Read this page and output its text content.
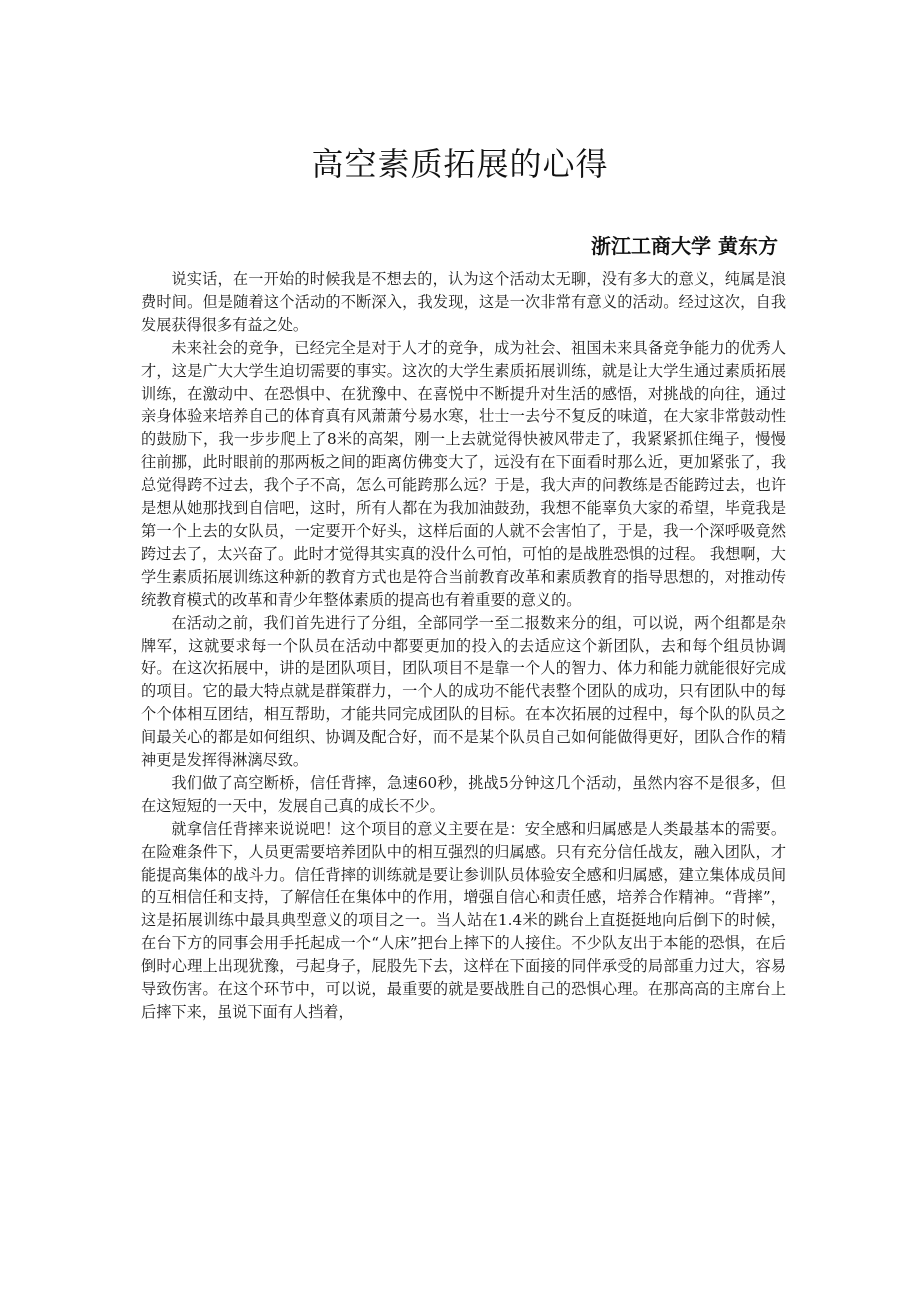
高空素质拓展的心得
浙江工商大学 黄东方

说实话，在一开始的时候我是不想去的，认为这个活动太无聊，没有多大的意义，纯属是浪费时间。但是随着这个活动的不断深入，我发现，这是一次非常有意义的活动。经过这次，自我发展获得很多有益之处。

未来社会的竞争，已经完全是对于人才的竞争，成为社会、祖国未来具备竞争能力的优秀人才，这是广大大学生迫切需要的事实。这次的大学生素质拓展训练，就是让大学生通过素质拓展训练，在激动中、在恐惧中、在犹豫中、在喜悦中不断提升对生活的感悟，对挑战的向往，通过亲身体验来培养自己的体育真有风萧萧兮易水寒，壮士一去兮不复反的味道，在大家非常鼓动性的鼓励下，我一步步爬上了8米的高架，刚一上去就觉得快被风带走了，我紧紧抓住绳子，慢慢往前挪，此时眼前的那两板之间的距离仿佛变大了，远没有在下面看时那么近，更加紧张了，我总觉得跨不过去，我个子不高，怎么可能跨那么远？于是，我大声的问教练是否能跨过去，也许是想从她那找到自信吧，这时，所有人都在为我加油鼓劲，我想不能辜负大家的希望，毕竟我是第一个上去的女队员，一定要开个好头，这样后面的人就不会害怕了，于是，我一个深呼吸竟然跨过去了，太兴奋了。此时才觉得其实真的没什么可怕，可怕的是战胜恐惧的过程。 我想啊，大学生素质拓展训练这种新的教育方式也是符合当前教育改革和素质教育的指导思想的，对推动传统教育模式的改革和青少年整体素质的提高也有着重要的意义的。

在活动之前，我们首先进行了分组，全部同学一至二报数来分的组，可以说，两个组都是杂牌军，这就要求每一个队员在活动中都要更加的投入的去适应这个新团队，去和每个组员协调好。在这次拓展中，讲的是团队项目，团队项目不是靠一个人的智力、体力和能力就能很好完成的项目。它的最大特点就是群策群力，一个人的成功不能代表整个团队的成功，只有团队中的每个个体相互团结，相互帮助，才能共同完成团队的目标。在本次拓展的过程中，每个队的队员之间最关心的都是如何组织、协调及配合好，而不是某个队员自己如何能做得更好，团队合作的精神更是发挥得淋漓尽致。

我们做了高空断桥，信任背摔，急速60秒，挑战5分钟这几个活动，虽然内容不是很多，但在这短短的一天中，发展自己真的成长不少。

就拿信任背摔来说说吧！这个项目的意义主要在是：安全感和归属感是人类最基本的需要。在险难条件下，人员更需要培养团队中的相互强烈的归属感。只有充分信任战友，融入团队，才能提高集体的战斗力。信任背摔的训练就是要让参训队员体验安全感和归属感，建立集体成员间的互相信任和支持，了解信任在集体中的作用，增强自信心和责任感，培养合作精神。“背摔”，这是拓展训练中最具典型意义的项目之一。当人站在1.4米的跳台上直挺挺地向后倒下的时候，在台下方的同事会用手托起成一个“人床”把台上摔下的人接住。不少队友出于本能的恐惧，在后倒时心理上出现犹豫，弓起身子，屁股先下去，这样在下面接的同伴承受的局部重力过大，容易导致伤害。在这个环节中，可以说，最重要的就是要战胜自己的恐惧心理。在那高高的主席台上后摔下来，虽说下面有人挡着，
